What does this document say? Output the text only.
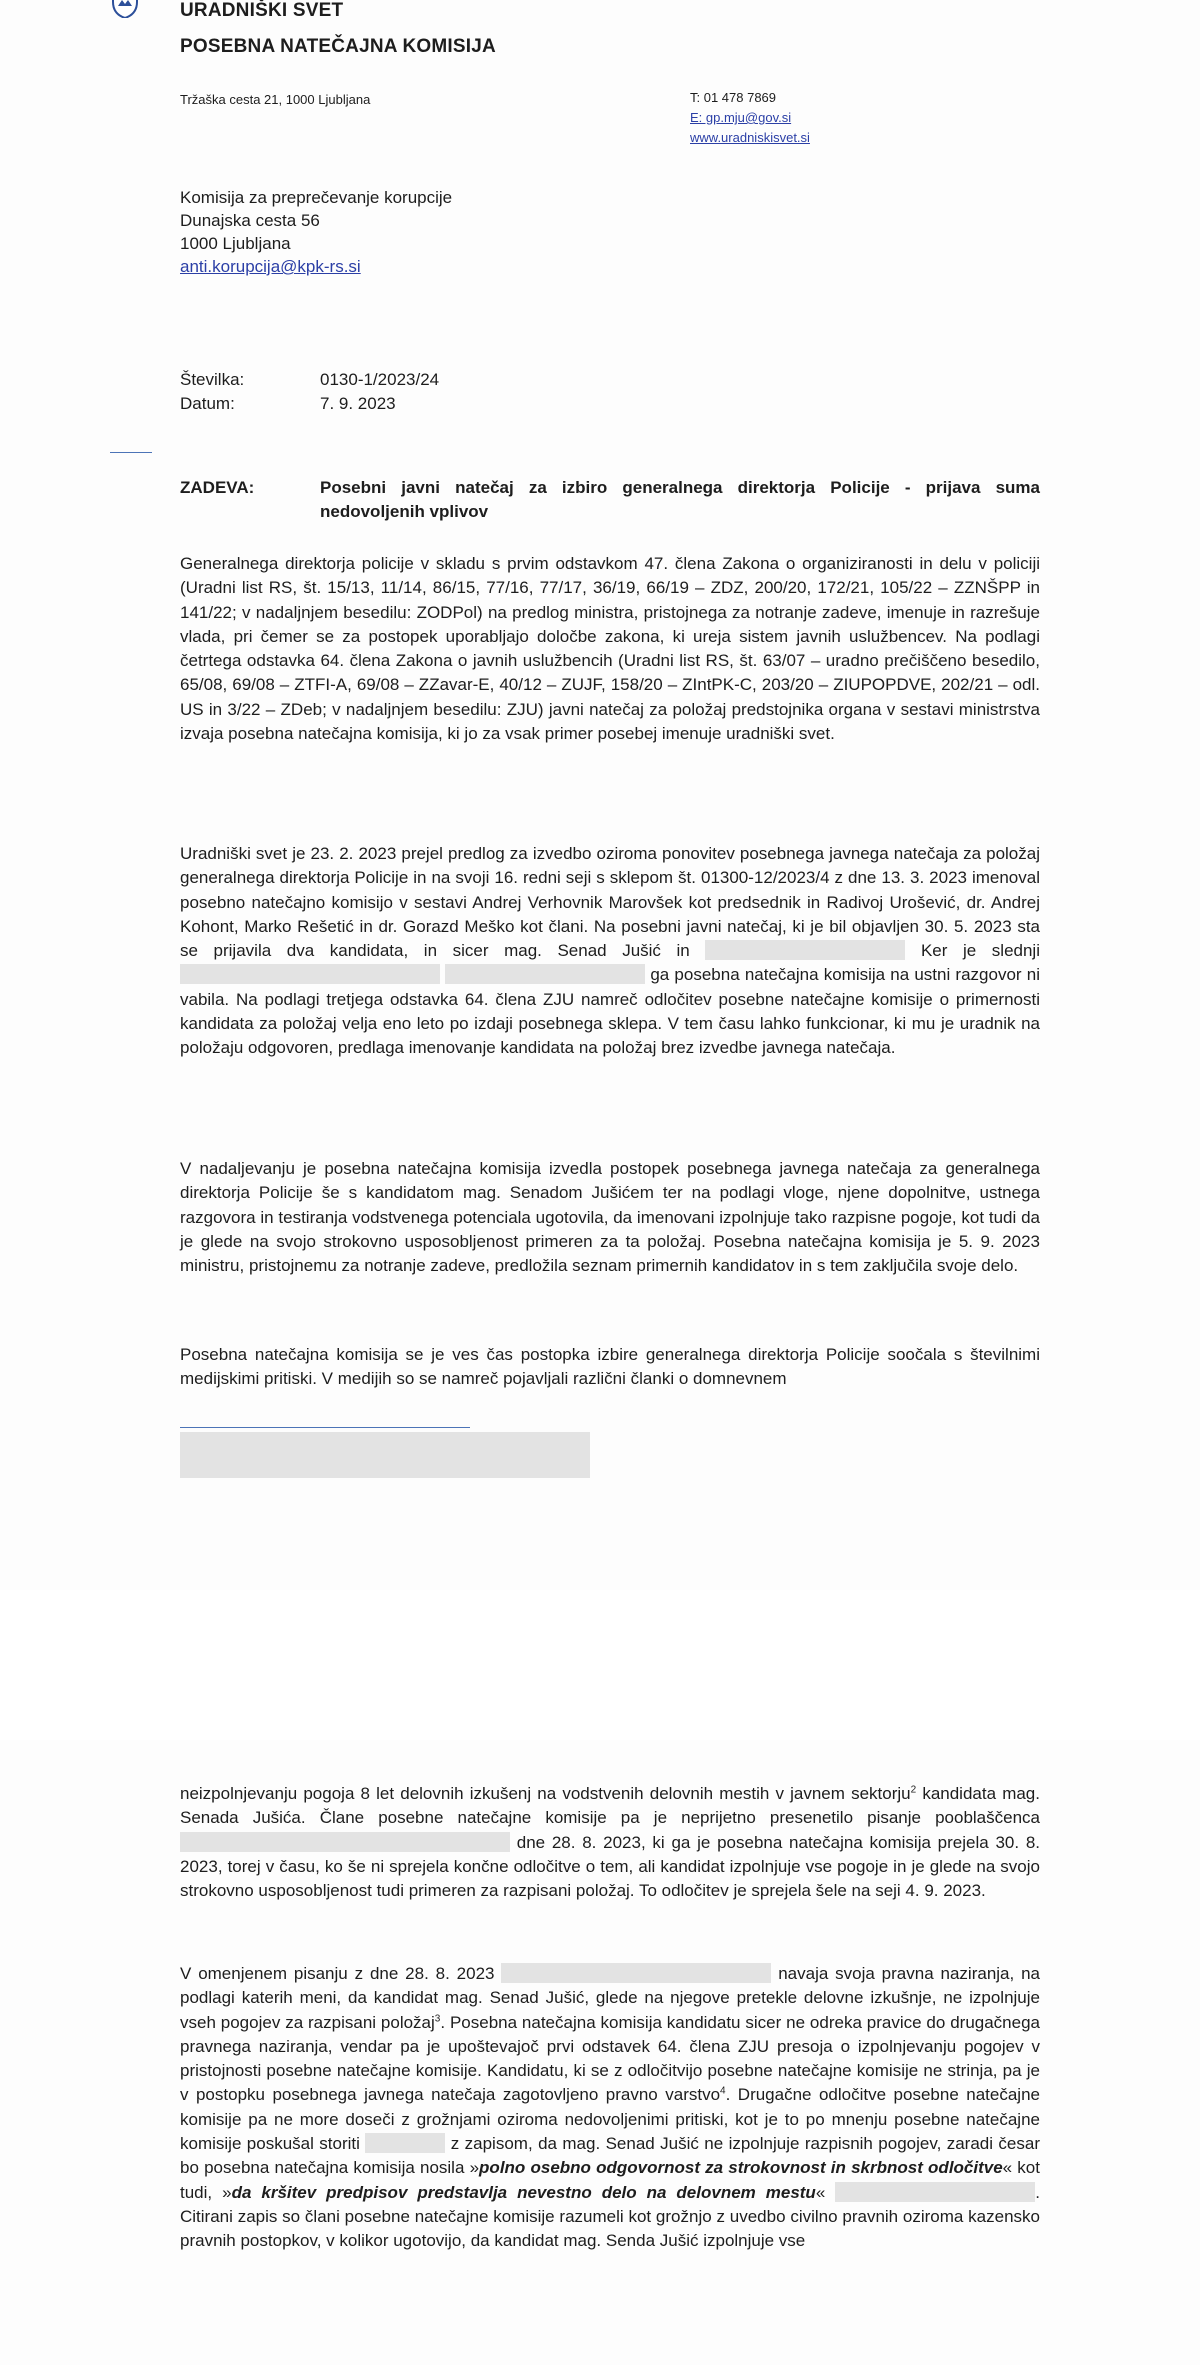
URADNIŠKI SVET
POSEBNA NATEČAJNA KOMISIJA
Tržaška cesta 21, 1000 Ljubljana	T: 01 478 7869
E: gp.mju@gov.si
www.uradniskisvet.si
Komisija za preprečevanje korupcije
Dunajska cesta 56
1000 Ljubljana
anti.korupcija@kpk-rs.si
Številka:	0130-1/2023/24
Datum:	7. 9. 2023
ZADEVA:	Posebni javni natečaj za izbiro generalnega direktorja Policije - prijava suma nedovoljenih vplivov
Generalnega direktorja policije v skladu s prvim odstavkom 47. člena Zakona o organiziranosti in delu v policiji (Uradni list RS, št. 15/13, 11/14, 86/15, 77/16, 77/17, 36/19, 66/19 – ZDZ, 200/20, 172/21, 105/22 – ZZNŠPP in 141/22; v nadaljnjem besedilu: ZODPol) na predlog ministra, pristojnega za notranje zadeve, imenuje in razrešuje vlada, pri čemer se za postopek uporabljajo določbe zakona, ki ureja sistem javnih uslužbencev. Na podlagi četrtega odstavka 64. člena Zakona o javnih uslužbencih (Uradni list RS, št. 63/07 – uradno prečiščeno besedilo, 65/08, 69/08 – ZTFI-A, 69/08 – ZZavar-E, 40/12 – ZUJF, 158/20 – ZIntPK-C, 203/20 – ZIUPOPDVE, 202/21 – odl. US in 3/22 – ZDeb; v nadaljnjem besedilu: ZJU) javni natečaj za položaj predstojnika organa v sestavi ministrstva izvaja posebna natečajna komisija, ki jo za vsak primer posebej imenuje uradniški svet.
Uradniški svet je 23. 2. 2023 prejel predlog za izvedbo oziroma ponovitev posebnega javnega natečaja za položaj generalnega direktorja Policije in na svoji 16. redni seji s sklepom št. 01300-12/2023/4 z dne 13. 3. 2023 imenoval posebno natečajno komisijo v sestavi Andrej Verhovnik Marovšek kot predsednik in Radivoj Urošević, dr. Andrej Kohont, Marko Rešetić in dr. Gorazd Meško kot člani. Na posebni javni natečaj, ki je bil objavljen 30. 5. 2023 sta se prijavila dva kandidata, in sicer mag. Senad Jušić in	Ker je slednji   ga posebna natečajna komisija na ustni razgovor ni vabila. Na podlagi tretjega odstavka 64. člena ZJU namreč odločitev posebne natečajne komisije o primernosti kandidata za položaj velja eno leto po izdaji posebnega sklepa. V tem času lahko funkcionar, ki mu je uradnik na položaju odgovoren, predlaga imenovanje kandidata na položaj brez izvedbe javnega natečaja.
V nadaljevanju je posebna natečajna komisija izvedla postopek posebnega javnega natečaja za generalnega direktorja Policije še s kandidatom mag. Senadom Jušićem ter na podlagi vloge, njene dopolnitve, ustnega razgovora in testiranja vodstvenega potenciala ugotovila, da imenovani izpolnjuje tako razpisne pogoje, kot tudi da je glede na svojo strokovno usposobljenost primeren za ta položaj. Posebna natečajna komisija je 5. 9. 2023 ministru, pristojnemu za notranje zadeve, predložila seznam primernih kandidatov in s tem zaključila svoje delo.
Posebna natečajna komisija se je ves čas postopka izbire generalnega direktorja Policije soočala s številnimi medijskimi pritiski. V medijih so se namreč pojavljali različni članki o domnevnem
neizpolnjevanju pogoja 8 let delovnih izkušenj na vodstvenih delovnih mestih v javnem sektorju$^2$ kandidata mag. Senada Jušića. Člane posebne natečajne komisije pa je neprijetno presenetilo pisanje pooblaščenca  dne 28. 8. 2023, ki ga je posebna natečajna komisija prejela 30. 8. 2023, torej v času, ko še ni sprejela končne odločitve o tem, ali kandidat izpolnjuje vse pogoje in je glede na svojo strokovno usposobljenost tudi primeren za razpisani položaj. To odločitev je sprejela šele na seji 4. 9. 2023.
V omenjenem pisanju z dne 28. 8. 2023	navaja svoja pravna naziranja, na podlagi katerih meni, da kandidat mag. Senad Jušić, glede na njegove pretekle delovne izkušnje, ne izpolnjuje vseh pogojev za razpisani položaj$^3$. Posebna natečajna komisija kandidatu sicer ne odreka pravice do drugačnega pravnega naziranja, vendar pa je upoštevajoč prvi odstavek 64. člena ZJU presoja o izpolnjevanju pogojev v pristojnosti posebne natečajne komisije. Kandidatu, ki se z odločitvijo posebne natečajne komisije ne strinja, pa je v postopku posebnega javnega natečaja zagotovljeno pravno varstvo$^4$. Drugačne odločitve posebne natečajne komisije pa ne more doseči z grožnjami oziroma nedovoljenimi pritiski, kot je to po mnenju posebne natečajne komisije poskušal storiti	z zapisom, da mag. Senad Jušić ne izpolnjuje razpisnih pogojev, zaradi česar bo posebna natečajna komisija nosila »polno osebno odgovornost za strokovnost in skrbnost odločitve« kot tudi, »da kršitev predpisov predstavlja nevestno delo na delovnem mestu«	. Citirani zapis so člani posebne natečajne komisije razumeli kot grožnjo z uvedbo civilno pravnih oziroma kazensko pravnih postopkov, v kolikor ugotovijo, da kandidat mag. Senda Jušić izpolnjuje vse
